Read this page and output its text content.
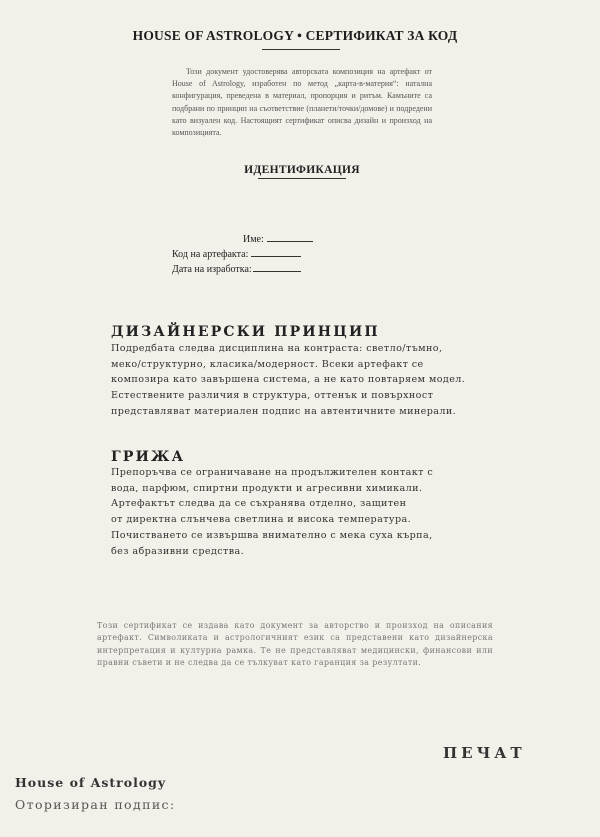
HOUSE OF ASTROLOGY • СЕРТИФИКАТ ЗА КОД
Този документ удостоверява авторската композиция на артефакт от House of Astrology, изработен по метод „карта-в-материя“: натална конфигурация, преведена в материал, пропорция и ритъм. Камъните са подбрани по принцип на съответствие (планети/точки/домове) и подредени като визуален код. Настоящият сертификат описва дизайн и произход на композицията.
ИДЕНТИФИКАЦИЯ
Име:
Код на артефакта:
Дата на изработка:
ДИЗАЙНЕРСКИ ПРИНЦИП
Подредбата следва дисциплина на контраста: светло/тъмно,
меко/структурно, класика/модерност. Всеки артефакт се
композира като завършена система, а не като повтаряем модел.
Естествените различия в структура, оттенък и повърхност
представляват материален подпис на автентичните минерали.
ГРИЖА
Препоръчва се ограничаване на продължителен контакт с
вода, парфюм, спиртни продукти и агресивни химикали.
Артефактът следва да се съхранява отделно, защитен
от директна слънчева светлина и висока температура.
Почистването се извършва внимателно с мека суха кърпа,
без абразивни средства.
Този сертификат се издава като документ за авторство и произход на описания артефакт. Символиката и астрологичният език са представени като дизайнерска интерпретация и културна рамка. Те не представляват медицински, финансови или правни съвети и не следва да се тълкуват като гаранция за резултати.
ПЕЧАТ
House of Astrology
Оторизиран подпис:
